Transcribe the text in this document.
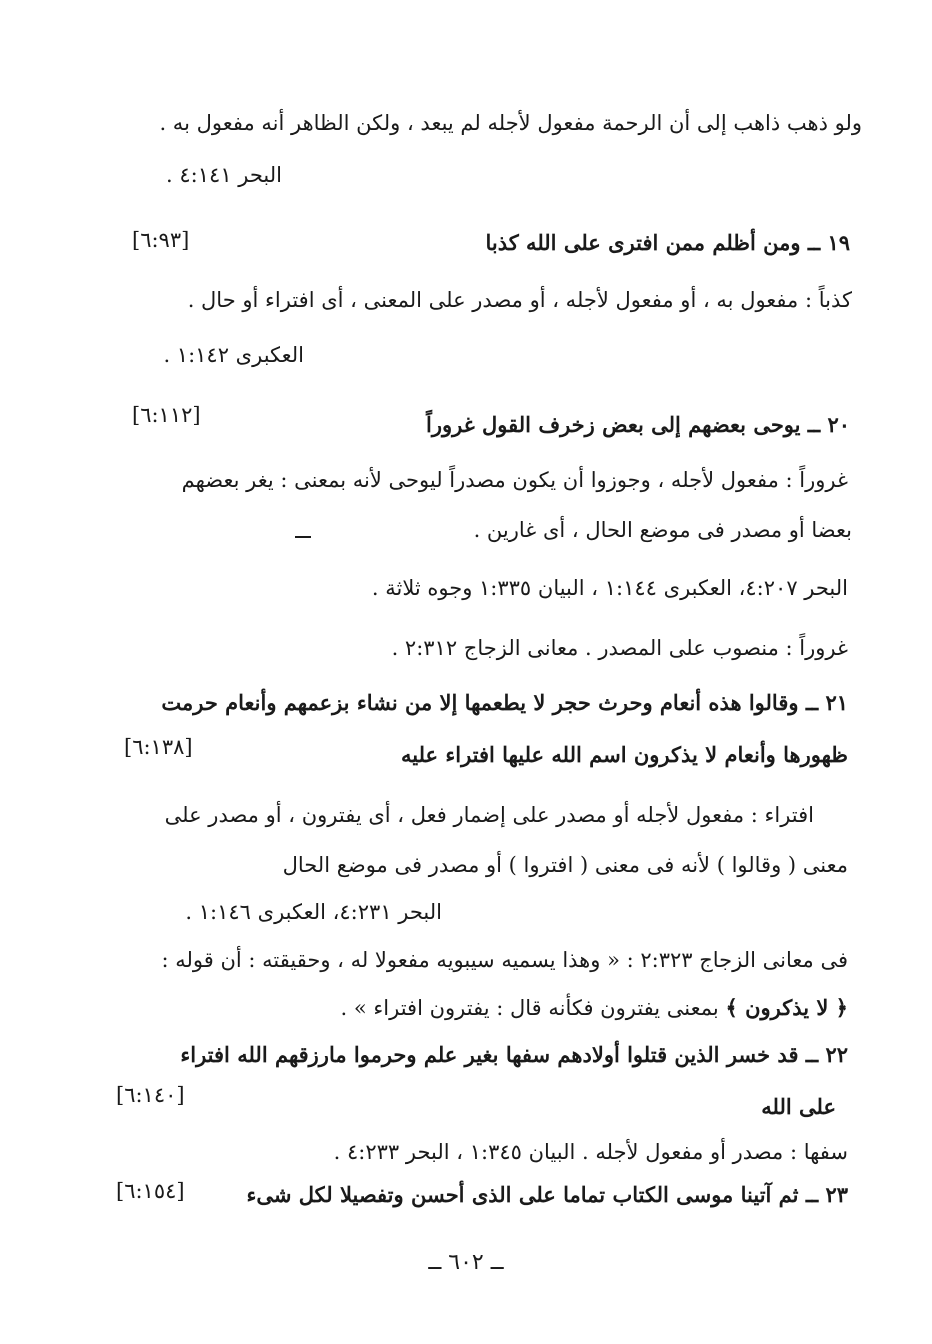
ولو ذهب ذاهب إلى أن الرحمة مفعول لأجله لم يبعد ، ولكن الظاهر أنه مفعول به .
البحر ٤:١٤١ .
١٩ ــ ومن أظلم ممن افترى على الله كذبا
[٦:٩٣]
كذباً : مفعول به ، أو مفعول لأجله ، أو مصدر على المعنى ، أى افتراء أو حال .
العكبرى ١:١٤٢ .
٢٠ ــ يوحى بعضهم إلى بعض زخرف القول غروراً
[٦:١١٢]
غروراً : مفعول لأجله ، وجوزوا أن يكون مصدراً ليوحى لأنه بمعنى : يغر بعضهم
بعضا أو مصدر فى موضع الحال ، أى غارين .
البحر ٤:٢٠٧، العكبرى ١:١٤٤ ، البيان ١:٣٣٥ وجوه ثلاثة .
غروراً : منصوب على المصدر . معانى الزجاج ٢:٣١٢ .
٢١ ــ وقالوا هذه أنعام وحرث حجر لا يطعمها إلا من نشاء بزعمهم وأنعام حرمت
ظهورها وأنعام لا يذكرون اسم الله عليها افتراء عليه
[٦:١٣٨]
افتراء : مفعول لأجله أو مصدر على إضمار فعل ، أى يفترون ، أو مصدر على
معنى ( وقالوا ) لأنه فى معنى ( افتروا ) أو مصدر فى موضع الحال
البحر ٤:٢٣١، العكبرى ١:١٤٦ .
فى معانى الزجاج ٢:٣٢٣ : « وهذا يسميه سيبويه مفعولا له ، وحقيقته : أن قوله :
﴿ لا يذكرون ﴾ بمعنى يفترون فكأنه قال : يفترون افتراء » .
٢٢ ــ قد خسر الذين قتلوا أولادهم سفها بغير علم وحرموا مارزقهم الله افتراء
[٦:١٤٠]	على الله
سفها : مصدر أو مفعول لأجله . البيان ١:٣٤٥ ، البحر ٤:٢٣٣ .
٢٣ ــ ثم آتينا موسى الكتاب تماما على الذى أحسن وتفصيلا لكل شىء
[٦:١٥٤]
ــ ٦٠٢ ــ
